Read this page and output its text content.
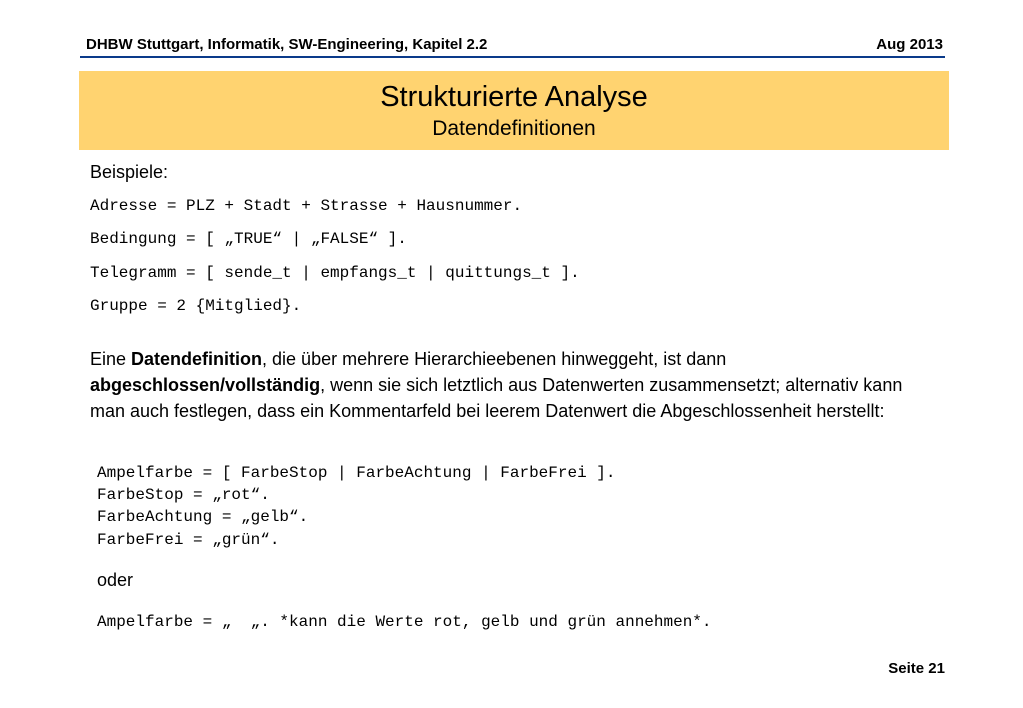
DHBW Stuttgart, Informatik, SW-Engineering, Kapitel 2.2	Aug 2013
Strukturierte Analyse
Datendefinitionen
Beispiele:
Adresse = PLZ + Stadt + Strasse + Hausnummer.
Bedingung = [ „TRUE“ | „FALSE“ ].
Telegramm = [ sende_t | empfangs_t | quittungs_t ].
Gruppe = 2 {Mitglied}.
Eine Datendefinition, die über mehrere Hierarchieebenen hinweggeht, ist dann abgeschlossen/vollständig, wenn sie sich letztlich aus Datenwerten zusammensetzt; alternativ kann man auch festlegen, dass ein Kommentarfeld bei leerem Datenwert die Abgeschlossenheit herstellt:
Ampelfarbe = [ FarbeStop | FarbeAchtung | FarbeFrei ].
FarbeStop = „rot“.
FarbeAchtung = „gelb“.
FarbeFrei = „grün“.
oder
Ampelfarbe = „  „. *kann die Werte rot, gelb und grün annehmen*.
Seite 21
